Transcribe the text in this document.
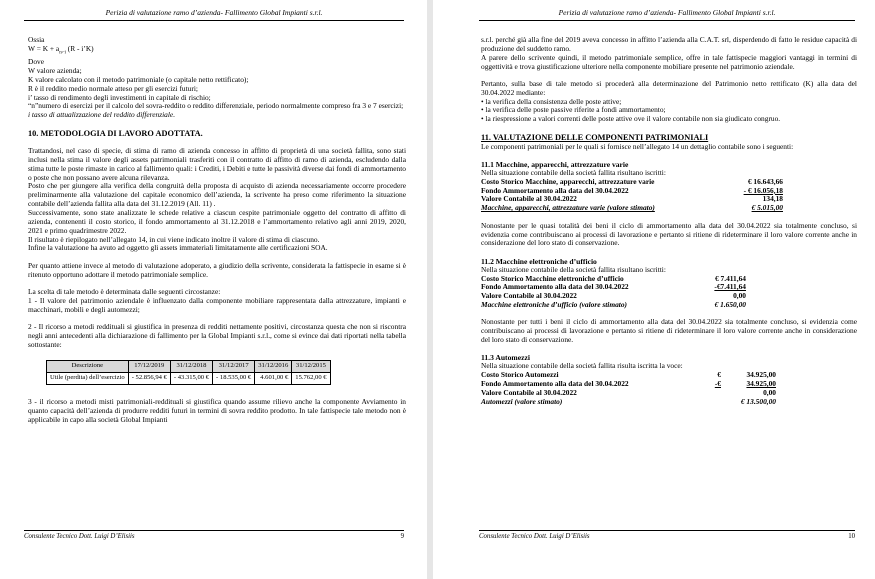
Perizia di valutazione ramo d’azienda- Fallimento Global Impianti s.r.l.

Ossia

$W = K + a_{n⌐i}$ (R - i’K)

Dove

W valore azienda;

K valore calcolato con il metodo patrimoniale (o capitale netto rettificato);

R è il reddito medio normale atteso per gli esercizi futuri;

i’ tasso di rendimento degli investimenti in capitale di rischio;

“n”numero di esercizi per il calcolo del sovra-reddito o reddito differenziale, periodo normalmente compreso fra 3 e 7 esercizi;

i tasso di attualizzazione del reddito differenziale.

10. METODOLOGIA DI LAVORO ADOTTATA.

Trattandosi, nel caso di specie, di stima di ramo di azienda concesso in affitto di proprietà di una società fallita, sono stati inclusi nella stima il valore degli assets patrimoniali trasferiti con il contratto di affitto di ramo di azienda, escludendo dalla stima tutte le poste rimaste in carico al fallimento quali: i Crediti, i Debiti e tutte le passività diverse dai fondi di ammortamento o poste che non possano avere alcuna rilevanza.

Posto che per giungere alla verifica della congruità della proposta di acquisto di azienda necessariamente occorre procedere preliminarmente alla valutazione del capitale economico dell’azienda, la scrivente ha preso come riferimento la situazione contabile dell’azienda fallita alla data del 31.12.2019 (All. 11) .

Successivamente, sono state analizzate le schede relative a ciascun cespite patrimoniale oggetto del contratto di affitto di azienda, contenenti il costo storico, il fondo ammortamento al 31.12.2018 e l’ammortamento relativo agli anni 2019, 2020, 2021 e primo quadrimestre 2022.

Il risultato è riepilogato nell’allegato 14, in cui viene indicato inoltre il valore di stima di ciascuno.

Infine la valutazione ha avuto ad oggetto gli assets immateriali limitatamente alle certificazioni SOA.

Per quanto attiene invece al metodo di valutazione adoperato, a giudizio della scrivente, considerata la fattispecie in esame si è ritenuto opportuno adottare il metodo patrimoniale semplice.

La scelta di tale metodo è determinata dalle seguenti circostanze:

1 - Il valore del patrimonio aziendale è influenzato dalla componente mobiliare rappresentata dalla attrezzature, impianti e macchinari, mobili e degli automezzi;

2 - Il ricorso a metodi reddituali si giustifica in presenza di redditi nettamente positivi, circostanza questa che non si riscontra negli anni antecedenti alla dichiarazione di fallimento per la Global Impianti s.r.l., come si evince dai dati riportati nella tabella sottostante:

Descrizione	17/12/2019	31/12/2018	31/12/2017	31/12/2016	31/12/2015
Utile (perdita) dell’esercizio	- 52.856,94 €	- 43.315,00 €	- 18.535,00 €	4.601,00 €	15.762,00 €

3 - il ricorso a metodi misti patrimoniali-reddituali si giustifica quando assume rilievo anche la componente Avviamento in quanto capacità dell’azienda di produrre redditi futuri in termini di sovra reddito prodotto. In tale fattispecie tale metodo non è applicabile in capo alla società Global Impianti

Consulente Tecnico Dott. Luigi D’Elisiis	9
Perizia di valutazione ramo d’azienda- Fallimento Global Impianti s.r.l.

s.r.l. perché già alla fine del 2019 aveva concesso in affitto l’azienda alla C.A.T. srl, disperdendo di fatto le residue capacità di produzione del suddetto ramo.

A parere dello scrivente quindi, il metodo patrimoniale semplice, offre in tale fattispecie maggiori vantaggi in termini di oggettività e trova giustificazione ulteriore nella componente mobiliare presente nel patrimonio aziendale.

Pertanto, sulla base di tale metodo si procederà alla determinazione del Patrimonio netto rettificato (K) alla data del 30.04.2022 mediante:

• la verifica della consistenza delle poste attive;

• la verifica delle poste passive riferite a fondi ammortamento;

• la riespressione a valori correnti delle poste attive ove il valore contabile non sia giudicato congruo.

11. VALUTAZIONE DELLE COMPONENTI PATRIMONIALI

Le componenti patrimoniali per le quali si fornisce nell’allegato 14 un dettaglio contabile sono i seguenti:

11.1 Macchine, apparecchi, attrezzature varie

Nella situazione contabile della società fallita risultano iscritti:

Costo Storico Macchine, apparecchi, attrezzature varie	€ 16.643,66
Fondo Ammortamento alla data del 30.04.2022	- € 16.056,18
Valore Contabile al 30.04.2022	134,18
Macchine, apparecchi, attrezzature varie (valore stimato)	€ 5.015,00

Nonostante per le quasi totalità dei beni il ciclo di ammortamento alla data del 30.04.2022 sia totalmente concluso, si evidenzia come contribuiscano ai processi di lavorazione e pertanto si ritiene di rideterminare il loro valore corrente anche in considerazione del loro stato di conservazione.

11.2 Macchine elettroniche d’ufficio

Nella situazione contabile della società fallita risultano iscritti:

Costo Storico Macchine elettroniche d’ufficio	€ 7.411,64
Fondo Ammortamento alla data del 30.04.2022	-€7.411,64
Valore Contabile al 30.04.2022	0,00
Macchine elettroniche d’ufficio (valore stimato)	€ 1.650,00

Nonostante per tutti i beni il ciclo di ammortamento alla data del 30.04.2022 sia totalmente concluso, si evidenzia come contribuiscano ai processi di lavorazione e pertanto si ritiene di rideterminare il loro valore corrente anche in considerazione del loro stato di conservazione.

11.3 Automezzi

Nella situazione contabile della società fallita risulta iscritta la voce:

Costo Storico Automezzi	€	34.925,00
Fondo Ammortamento alla data del 30.04.2022	-€	34.925,00
Valore Contabile al 30.04.2022	0,00
Automezzi (valore stimato)	€ 13.500,00
Consulente Tecnico Dott. Luigi D’Elisiis	10
